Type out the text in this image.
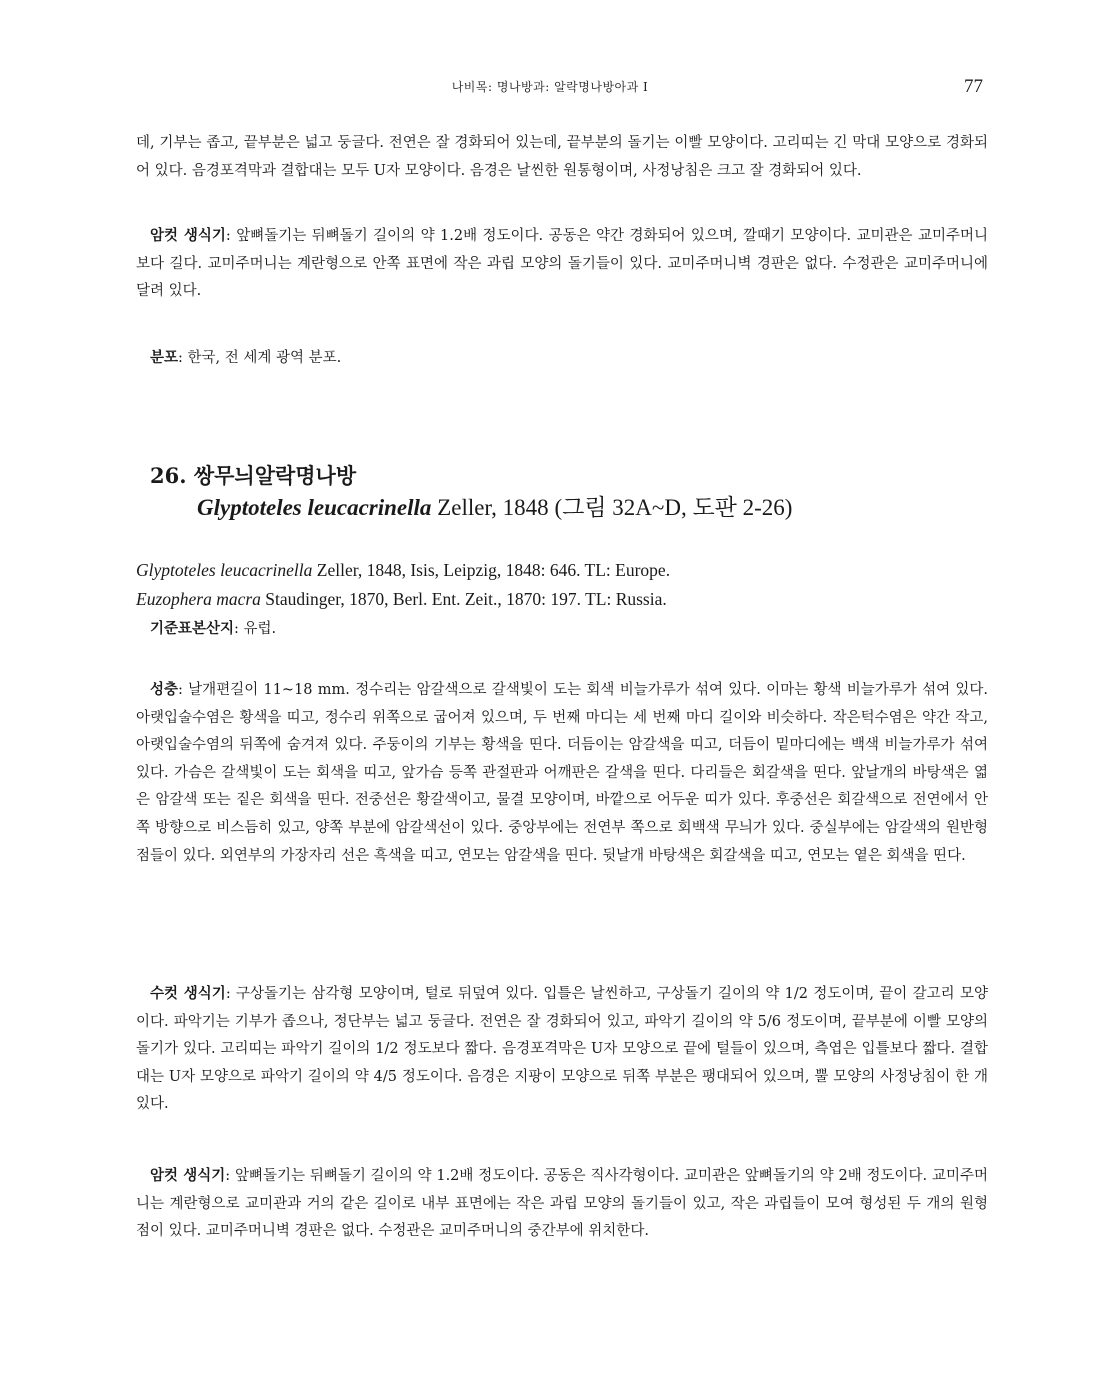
나비목: 명나방과: 알락명나방아과 I	77

데, 기부는 좁고, 끝부분은 넓고 둥글다. 전연은 잘 경화되어 있는데, 끝부분의 돌기는 이빨 모양이다. 고리띠는 긴 막대 모양으로 경화되어 있다. 음경포격막과 결합대는 모두 U자 모양이다. 음경은 날씬한 원통형이며, 사정낭침은 크고 잘 경화되어 있다.

암컷 생식기: 앞뼈돌기는 뒤뼈돌기 길이의 약 1.2배 정도이다. 공동은 약간 경화되어 있으며, 깔때기 모양이다. 교미관은 교미주머니보다 길다. 교미주머니는 계란형으로 안쪽 표면에 작은 과립 모양의 돌기들이 있다. 교미주머니벽 경판은 없다. 수정관은 교미주머니에 달려 있다.

분포: 한국, 전 세계 광역 분포.

26. 쌍무늬알락명나방
Glyptoteles leucacrinella Zeller, 1848 (그림 32A~D, 도판 2-26)

Glyptoteles leucacrinella Zeller, 1848, Isis, Leipzig, 1848: 646. TL: Europe.

Euzophera macra Staudinger, 1870, Berl. Ent. Zeit., 1870: 197. TL: Russia.

기준표본산지: 유럽.

성충: 날개편길이 11~18 mm. 정수리는 암갈색으로 갈색빛이 도는 회색 비늘가루가 섞여 있다. 이마는 황색 비늘가루가 섞여 있다. 아랫입술수염은 황색을 띠고, 정수리 위쪽으로 굽어져 있으며, 두 번째 마디는 세 번째 마디 길이와 비슷하다. 작은턱수염은 약간 작고, 아랫입술수염의 뒤쪽에 숨겨져 있다. 주둥이의 기부는 황색을 띤다. 더듬이는 암갈색을 띠고, 더듬이 밑마디에는 백색 비늘가루가 섞여 있다. 가슴은 갈색빛이 도는 회색을 띠고, 앞가슴 등쪽 관절판과 어깨판은 갈색을 띤다. 다리들은 회갈색을 띤다. 앞날개의 바탕색은 엷은 암갈색 또는 짙은 회색을 띤다. 전중선은 황갈색이고, 물결 모양이며, 바깥으로 어두운 띠가 있다. 후중선은 회갈색으로 전연에서 안쪽 방향으로 비스듬히 있고, 양쪽 부분에 암갈색선이 있다. 중앙부에는 전연부 쪽으로 회백색 무늬가 있다. 중실부에는 암갈색의 원반형 점들이 있다. 외연부의 가장자리 선은 흑색을 띠고, 연모는 암갈색을 띤다. 뒷날개 바탕색은 회갈색을 띠고, 연모는 옅은 회색을 띤다.

수컷 생식기: 구상돌기는 삼각형 모양이며, 털로 뒤덮여 있다. 입틀은 날씬하고, 구상돌기 길이의 약 1/2 정도이며, 끝이 갈고리 모양이다. 파악기는 기부가 좁으나, 정단부는 넓고 둥글다. 전연은 잘 경화되어 있고, 파악기 길이의 약 5/6 정도이며, 끝부분에 이빨 모양의 돌기가 있다. 고리띠는 파악기 길이의 1/2 정도보다 짧다. 음경포격막은 U자 모양으로 끝에 털들이 있으며, 측엽은 입틀보다 짧다. 결합대는 U자 모양으로 파악기 길이의 약 4/5 정도이다. 음경은 지팡이 모양으로 뒤쪽 부분은 팽대되어 있으며, 뿔 모양의 사정낭침이 한 개 있다.

암컷 생식기: 앞뼈돌기는 뒤뼈돌기 길이의 약 1.2배 정도이다. 공동은 직사각형이다. 교미관은 앞뼈돌기의 약 2배 정도이다. 교미주머니는 계란형으로 교미관과 거의 같은 길이로 내부 표면에는 작은 과립 모양의 돌기들이 있고, 작은 과립들이 모여 형성된 두 개의 원형 점이 있다. 교미주머니벽 경판은 없다. 수정관은 교미주머니의 중간부에 위치한다.
